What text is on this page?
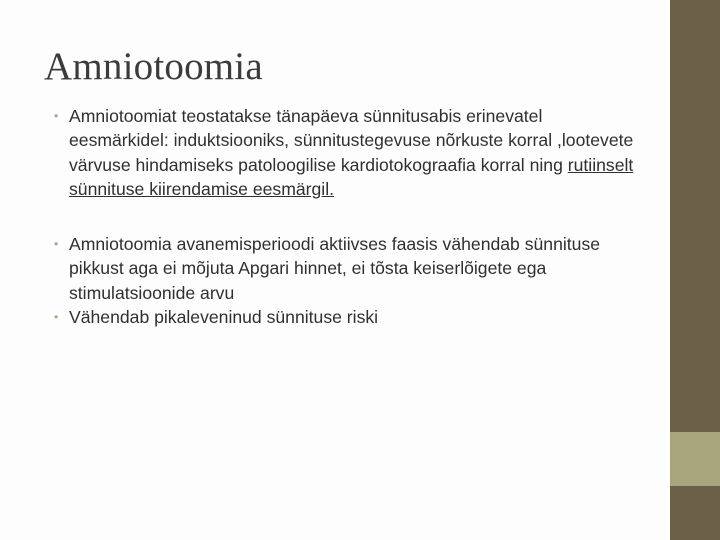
Amniotoomia
• Amniotoomiat teostatakse tänapäeva sünnitusabis erinevatel eesmärkidel: induktsiooniks, sünnitustegevuse nõrkuste korral ,lootevete värvuse hindamiseks patoloogilise kardiotokograafia korral ning rutiinselt sünnituse kiirendamise eesmärgil.
• Amniotoomia avanemisperioodi aktiivses faasis vähendab sünnituse pikkust aga ei mõjuta Apgari hinnet, ei tõsta keiserlõigete ega stimulatsioonide arvu
• Vähendab pikaleveninud sünnituse riski
